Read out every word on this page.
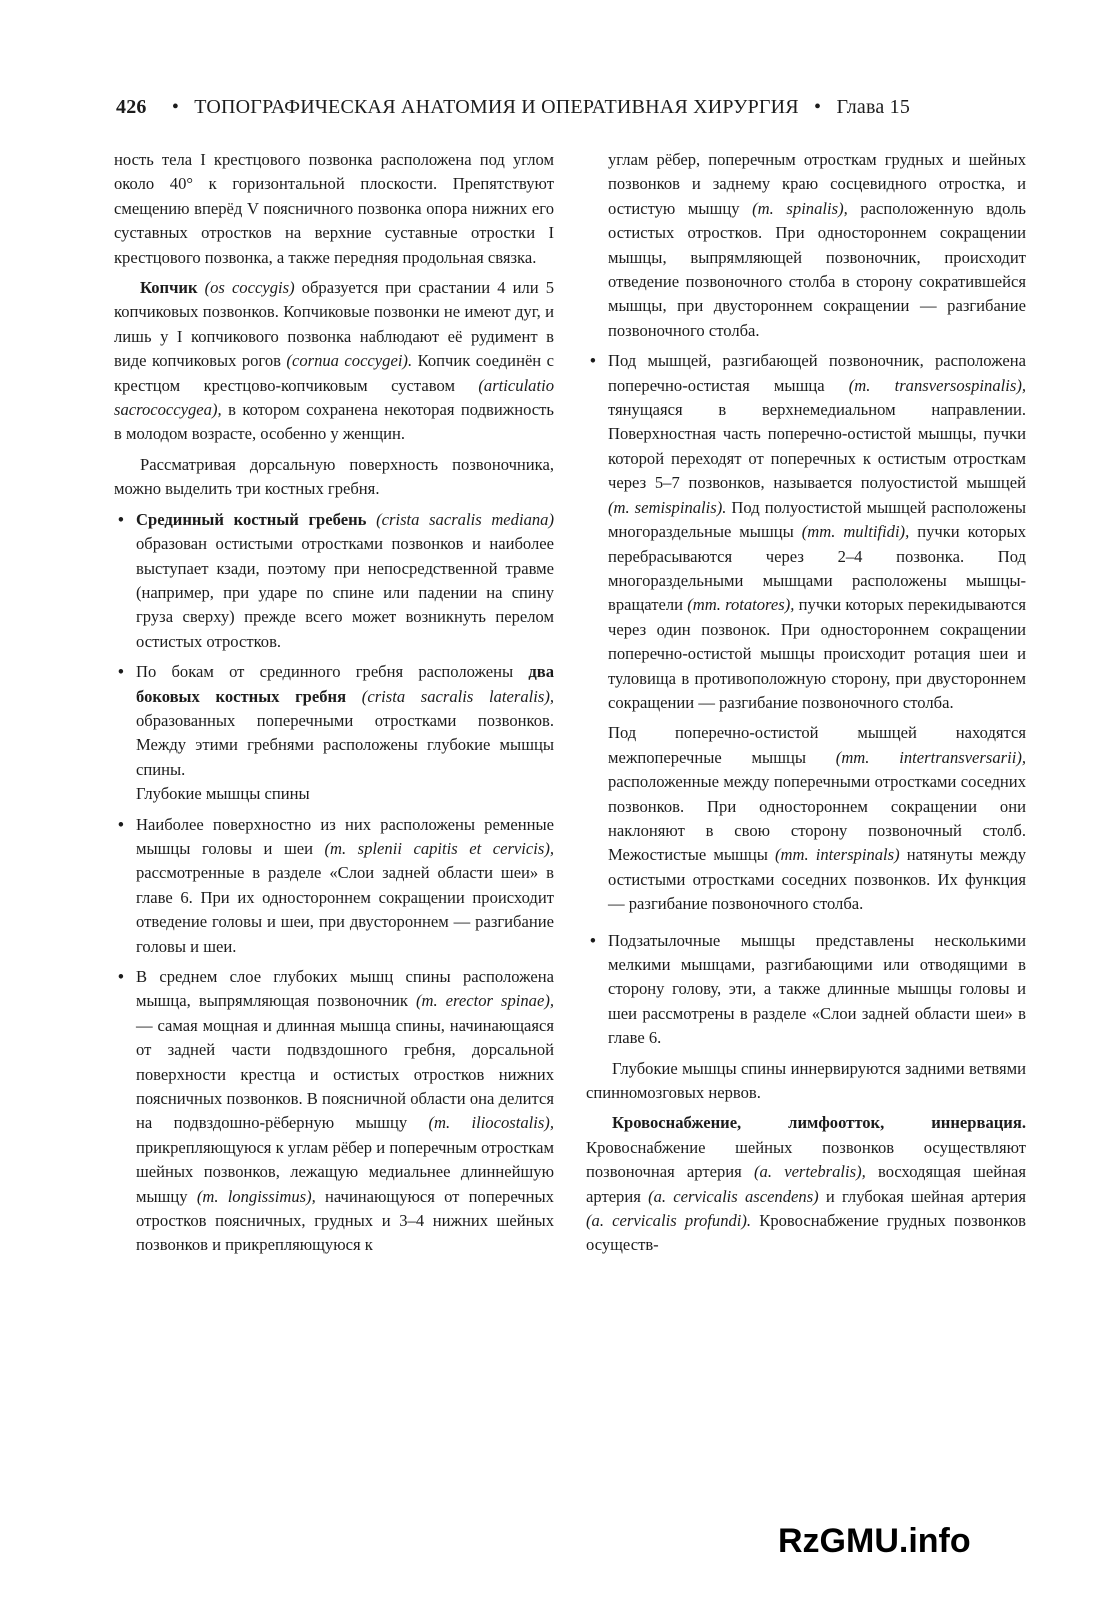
426 • ТОПОГРАФИЧЕСКАЯ АНАТОМИЯ И ОПЕРАТИВНАЯ ХИРУРГИЯ • Глава 15

ность тела I крестцового позвонка расположена под углом около 40° к горизонтальной плоскости. Препятствуют смещению вперёд V поясничного позвонка опора нижних его суставных отростков на верхние суставные отростки I крестцового позвонка, а также передняя продольная связка.

Копчик (os coccygis) образуется при срастании 4 или 5 копчиковых позвонков. Копчиковые позвонки не имеют дуг, и лишь у I копчикового позвонка наблюдают её рудимент в виде копчиковых рогов (cornua coccygei). Копчик соединён с крестцом крестцово-копчиковым суставом (articulatio sacrococcygea), в котором сохранена некоторая подвижность в молодом возрасте, особенно у женщин.

Рассматривая дорсальную поверхность позвоночника, можно выделить три костных гребня.

• Срединный костный гребень (crista sacralis mediana) образован остистыми отростками позвонков и наиболее выступает кзади, поэтому при непосредственной травме (например, при ударе по спине или падении на спину груза сверху) прежде всего может возникнуть перелом остистых отростков.
• По бокам от срединного гребня расположены два боковых костных гребня (crista sacralis lateralis), образованных поперечными отростками позвонков. Между этими гребнями расположены глубокие мышцы спины.
Глубокие мышцы спины
• Наиболее поверхностно из них расположены ременные мышцы головы и шеи (m. splenii capitis et cervicis), рассмотренные в разделе «Слои задней области шеи» в главе 6. При их одностороннем сокращении происходит отведение головы и шеи, при двустороннем — разгибание головы и шеи.
• В среднем слое глубоких мышц спины расположена мышца, выпрямляющая позвоночник (m. erector spinae), — самая мощная и длинная мышца спины, начинающаяся от задней части подвздошного гребня, дорсальной поверхности крестца и остистых отростков нижних поясничных позвонков. В поясничной области она делится на подвздошно-рёберную мышцу (m. iliocostalis), прикрепляющуюся к углам рёбер и поперечным отросткам шейных позвонков, лежащую медиальнее длиннейшую мышцу (m. longissimus), начинающуюся от поперечных отростков поясничных, грудных и 3–4 нижних шейных позвонков и прикрепляющуюся к

углам рёбер, поперечным отросткам грудных и шейных позвонков и заднему краю сосцевидного отростка, и остистую мышцу (m. spinalis), расположенную вдоль остистых отростков. При одностороннем сокращении мышцы, выпрямляющей позвоночник, происходит отведение позвоночного столба в сторону сократившейся мышцы, при двустороннем сокращении — разгибание позвоночного столба.

• Под мышцей, разгибающей позвоночник, расположена поперечно-остистая мышца (m. transversospinalis), тянущаяся в верхнемедиальном направлении. Поверхностная часть поперечно-остистой мышцы, пучки которой переходят от поперечных к остистым отросткам через 5–7 позвонков, называется полуостистой мышцей (m. semispinalis). Под полуостистой мышцей расположены многораздельные мышцы (mm. multifidi), пучки которых перебрасываются через 2–4 позвонка. Под многораздельными мышцами расположены мышцы-вращатели (mm. rotatores), пучки которых перекидываются через один позвонок. При одностороннем сокращении поперечно-остистой мышцы происходит ротация шеи и туловища в противоположную сторону, при двустороннем сокращении — разгибание позвоночного столба.

Под поперечно-остистой мышцей находятся межпоперечные мышцы (mm. intertransversarii), расположенные между поперечными отростками соседних позвонков. При одностороннем сокращении они наклоняют в свою сторону позвоночный столб. Межостистые мышцы (mm. interspinals) натянуты между остистыми отростками соседних позвонков. Их функция — разгибание позвоночного столба.

• Подзатылочные мышцы представлены несколькими мелкими мышцами, разгибающими или отводящими в сторону голову, эти, а также длинные мышцы головы и шеи рассмотрены в разделе «Слои задней области шеи» в главе 6.

Глубокие мышцы спины иннервируются задними ветвями спинномозговых нервов.

Кровоснабжение, лимфоотток, иннервация. Кровоснабжение шейных позвонков осуществляют позвоночная артерия (a. vertebralis), восходящая шейная артерия (a. cervicalis ascendens) и глубокая шейная артерия (a. cervicalis profundi). Кровоснабжение грудных позвонков осуществ-

RzGMU.info
